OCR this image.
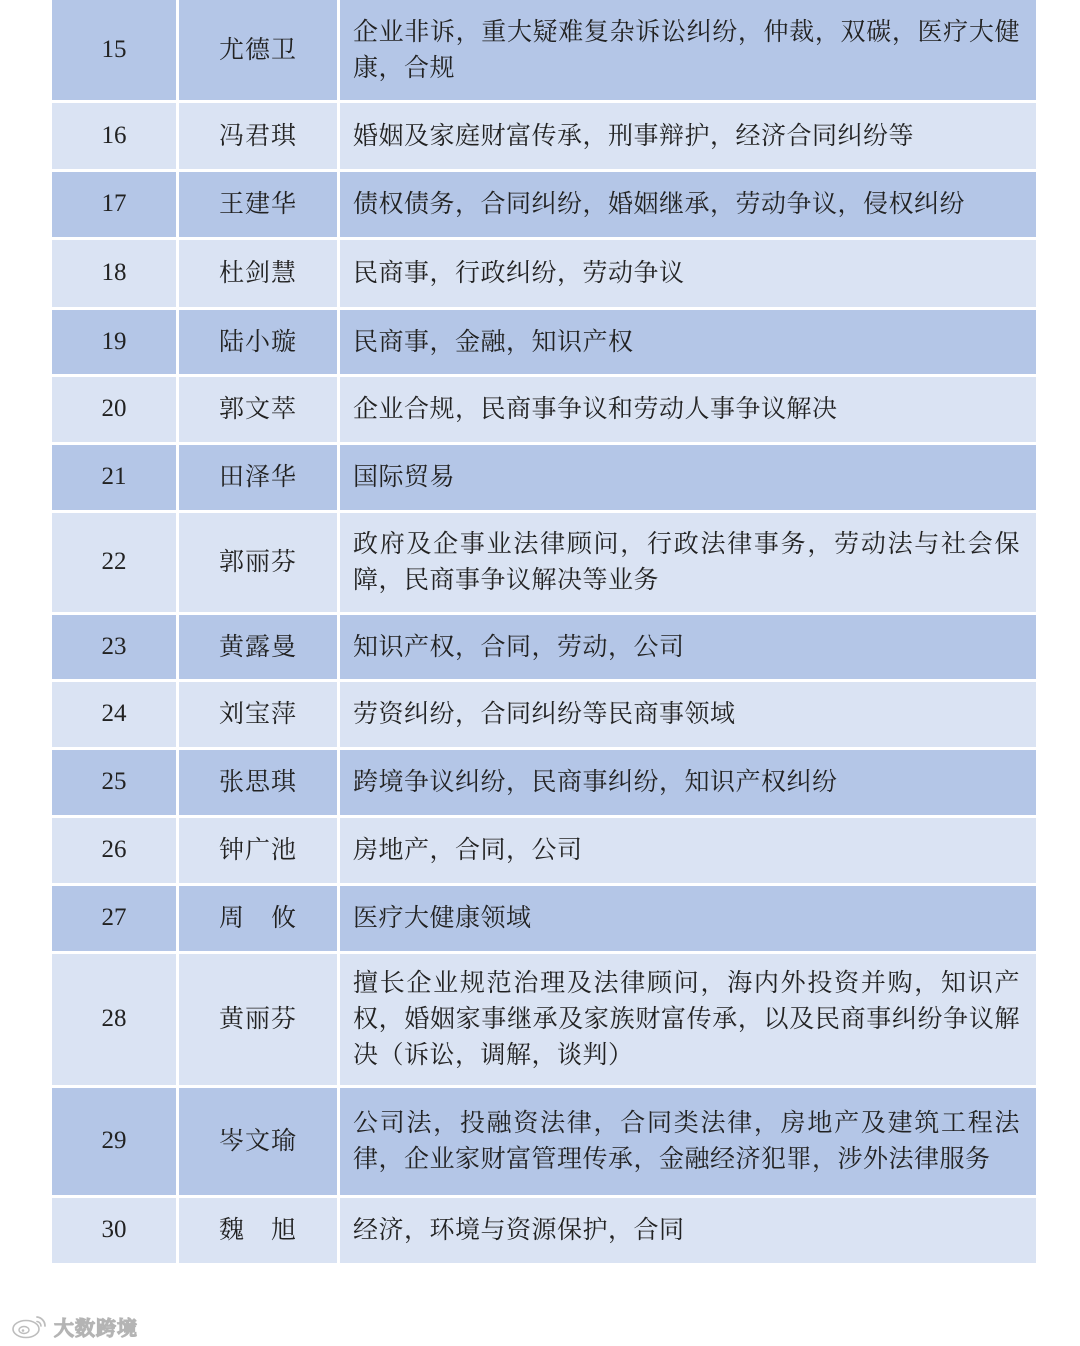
15	尤德卫	企业非诉，重大疑难复杂诉讼纠纷，仲裁，双碳，医疗大健康，合规
16	冯君琪	婚姻及家庭财富传承，刑事辩护，经济合同纠纷等
17	王建华	债权债务，合同纠纷，婚姻继承，劳动争议，侵权纠纷
18	杜剑慧	民商事，行政纠纷，劳动争议
19	陆小璇	民商事，金融，知识产权
20	郭文萃	企业合规，民商事争议和劳动人事争议解决
21	田泽华	国际贸易
22	郭丽芬	政府及企事业法律顾问，行政法律事务，劳动法与社会保障，民商事争议解决等业务
23	黄露曼	知识产权，合同，劳动，公司
24	刘宝萍	劳资纠纷，合同纠纷等民商事领域
25	张思琪	跨境争议纠纷，民商事纠纷，知识产权纠纷
26	钟广池	房地产，合同，公司
27	周　攸	医疗大健康领域
28	黄丽芬	擅长企业规范治理及法律顾问，海内外投资并购，知识产权，婚姻家事继承及家族财富传承，以及民商事纠纷争议解决（诉讼，调解，谈判）
29	岑文瑜	公司法，投融资法律，合同类法律，房地产及建筑工程法律，企业家财富管理传承，金融经济犯罪，涉外法律服务
30	魏　旭	经济，环境与资源保护，合同
大数跨境
